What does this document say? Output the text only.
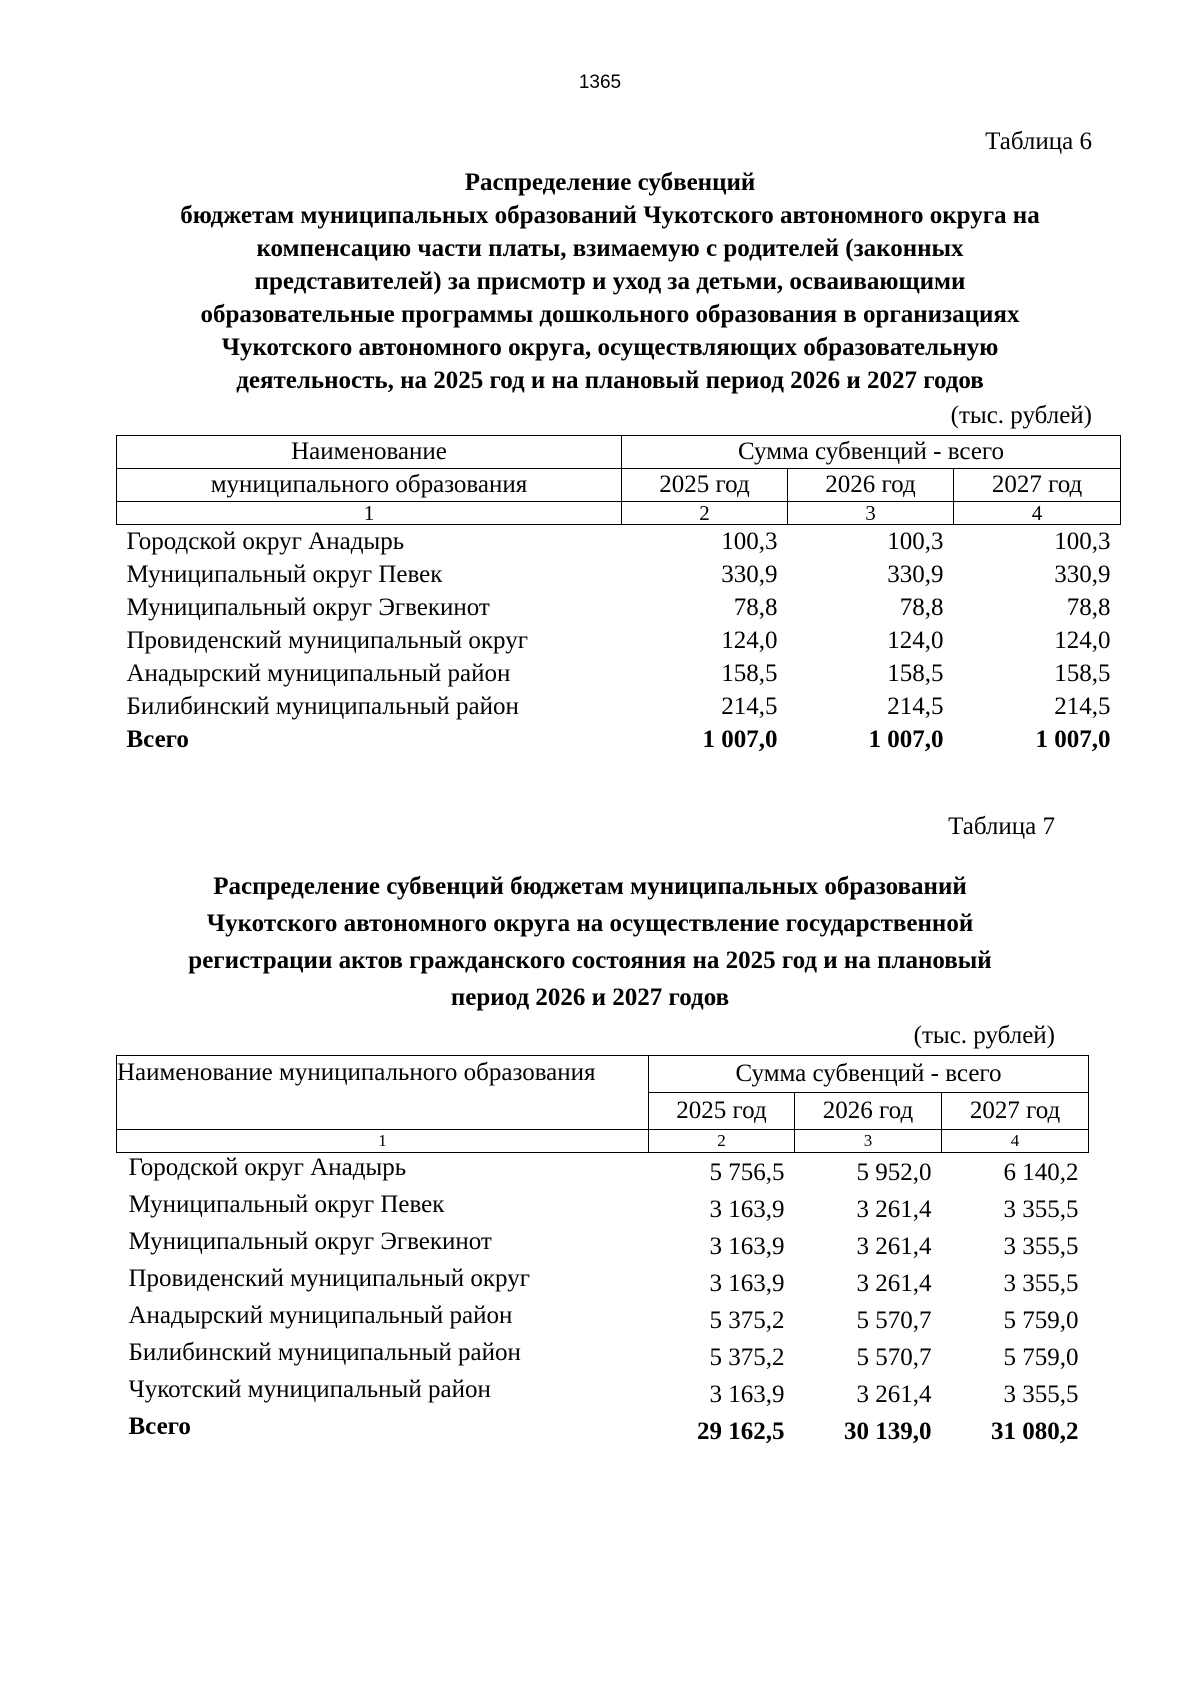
1365
Таблица 6
Распределение субвенций
бюджетам муниципальных образований Чукотского автономного округа на
компенсацию части платы, взимаемую с родителей (законных
представителей) за присмотр и уход за детьми, осваивающими
образовательные программы дошкольного образования в организациях
Чукотского автономного округа, осуществляющих образовательную
деятельность, на 2025 год и на плановый период 2026 и 2027 годов
(тыс. рублей)
Наименование	Сумма субвенций - всего		
муниципального образования	2025 год	2026 год	2027 год
1	2	3	4
Городской округ Анадырь	100,3	100,3	100,3
Муниципальный округ Певек	330,9	330,9	330,9
Муниципальный округ Эгвекинот	78,8	78,8	78,8
Провиденский муниципальный округ	124,0	124,0	124,0
Анадырский муниципальный район	158,5	158,5	158,5
Билибинский муниципальный район	214,5	214,5	214,5
Всего	1 007,0	1 007,0	1 007,0
Таблица 7
Распределение субвенций бюджетам муниципальных образований
Чукотского автономного округа на осуществление государственной
регистрации актов гражданского состояния на 2025 год и на плановый
период 2026 и 2027 годов
(тыс. рублей)
Наименование муниципального образования	Сумма субвенций - всего		
	2025 год	2026 год	2027 год
1	2	3	4
Городской округ Анадырь	5 756,5	5 952,0	6 140,2
Муниципальный округ Певек	3 163,9	3 261,4	3 355,5
Муниципальный округ Эгвекинот	3 163,9	3 261,4	3 355,5
Провиденский муниципальный округ	3 163,9	3 261,4	3 355,5
Анадырский муниципальный район	5 375,2	5 570,7	5 759,0
Билибинский муниципальный район	5 375,2	5 570,7	5 759,0
Чукотский муниципальный район	3 163,9	3 261,4	3 355,5
Всего	29 162,5	30 139,0	31 080,2
